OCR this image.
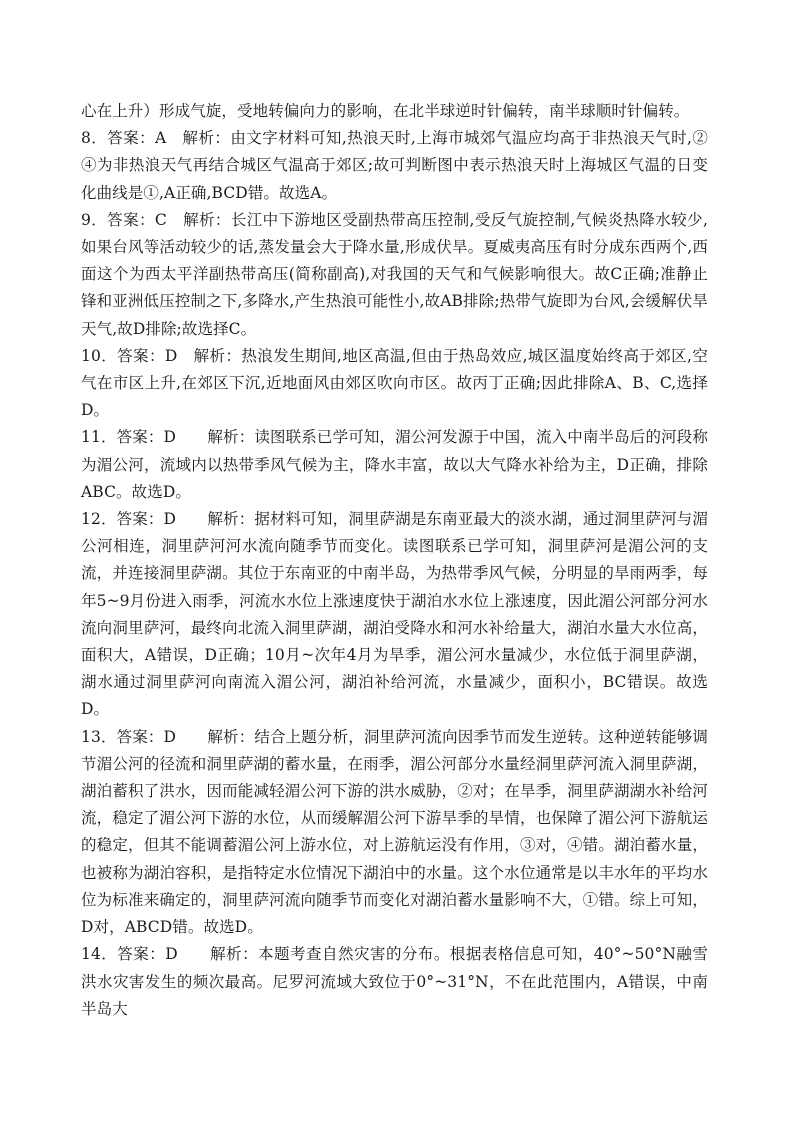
心在上升）形成气旋，受地转偏向力的影响，在北半球逆时针偏转，南半球顺时针偏转。

8．答案：A　解析：由文字材料可知,热浪天时,上海市城郊气温应均高于非热浪天气时,②④为非热浪天气再结合城区气温高于郊区;故可判断图中表示热浪天时上海城区气温的日变化曲线是①,A正确,BCD错。故选A。

9．答案：C　解析：长江中下游地区受副热带高压控制,受反气旋控制,气候炎热降水较少,如果台风等活动较少的话,蒸发量会大于降水量,形成伏旱。夏威夷高压有时分成东西两个,西面这个为西太平洋副热带高压(简称副高),对我国的天气和气候影响很大。故C正确;准静止锋和亚洲低压控制之下,多降水,产生热浪可能性小,故AB排除;热带气旋即为台风,会缓解伏旱天气,故D排除;故选择C。

10．答案：D　解析：热浪发生期间,地区高温,但由于热岛效应,城区温度始终高于郊区,空气在市区上升,在郊区下沉,近地面风由郊区吹向市区。故丙丁正确;因此排除A、B、C,选择D。

11．答案：D　　解析：读图联系已学可知，湄公河发源于中国，流入中南半岛后的河段称为湄公河，流域内以热带季风气候为主，降水丰富，故以大气降水补给为主，D正确，排除ABC。故选D。

12．答案：D　　解析：据材料可知，洞里萨湖是东南亚最大的淡水湖，通过洞里萨河与湄公河相连，洞里萨河河水流向随季节而变化。读图联系已学可知，洞里萨河是湄公河的支流，并连接洞里萨湖。其位于东南亚的中南半岛，为热带季风气候，分明显的旱雨两季，每年5~9月份进入雨季，河流水水位上涨速度快于湖泊水水位上涨速度，因此湄公河部分河水流向洞里萨河，最终向北流入洞里萨湖，湖泊受降水和河水补给量大，湖泊水量大水位高，面积大，A错误，D正确；10月~次年4月为旱季，湄公河水量减少，水位低于洞里萨湖，湖水通过洞里萨河向南流入湄公河，湖泊补给河流，水量减少，面积小，BC错误。故选D。

13．答案：D　　解析：结合上题分析，洞里萨河流向因季节而发生逆转。这种逆转能够调节湄公河的径流和洞里萨湖的蓄水量，在雨季，湄公河部分水量经洞里萨河流入洞里萨湖，湖泊蓄积了洪水，因而能减轻湄公河下游的洪水威胁，②对；在旱季，洞里萨湖湖水补给河流，稳定了湄公河下游的水位，从而缓解湄公河下游旱季的旱情，也保障了湄公河下游航运的稳定，但其不能调蓄湄公河上游水位，对上游航运没有作用，③对，④错。湖泊蓄水量，也被称为湖泊容积，是指特定水位情况下湖泊中的水量。这个水位通常是以丰水年的平均水位为标准来确定的，洞里萨河流向随季节而变化对湖泊蓄水量影响不大，①错。综上可知，D对，ABCD错。故选D。

14．答案：D　　解析：本题考查自然灾害的分布。根据表格信息可知，40°~50°N融雪洪水灾害发生的频次最高。尼罗河流域大致位于0°~31°N，不在此范围内，A错误，中南半岛大
